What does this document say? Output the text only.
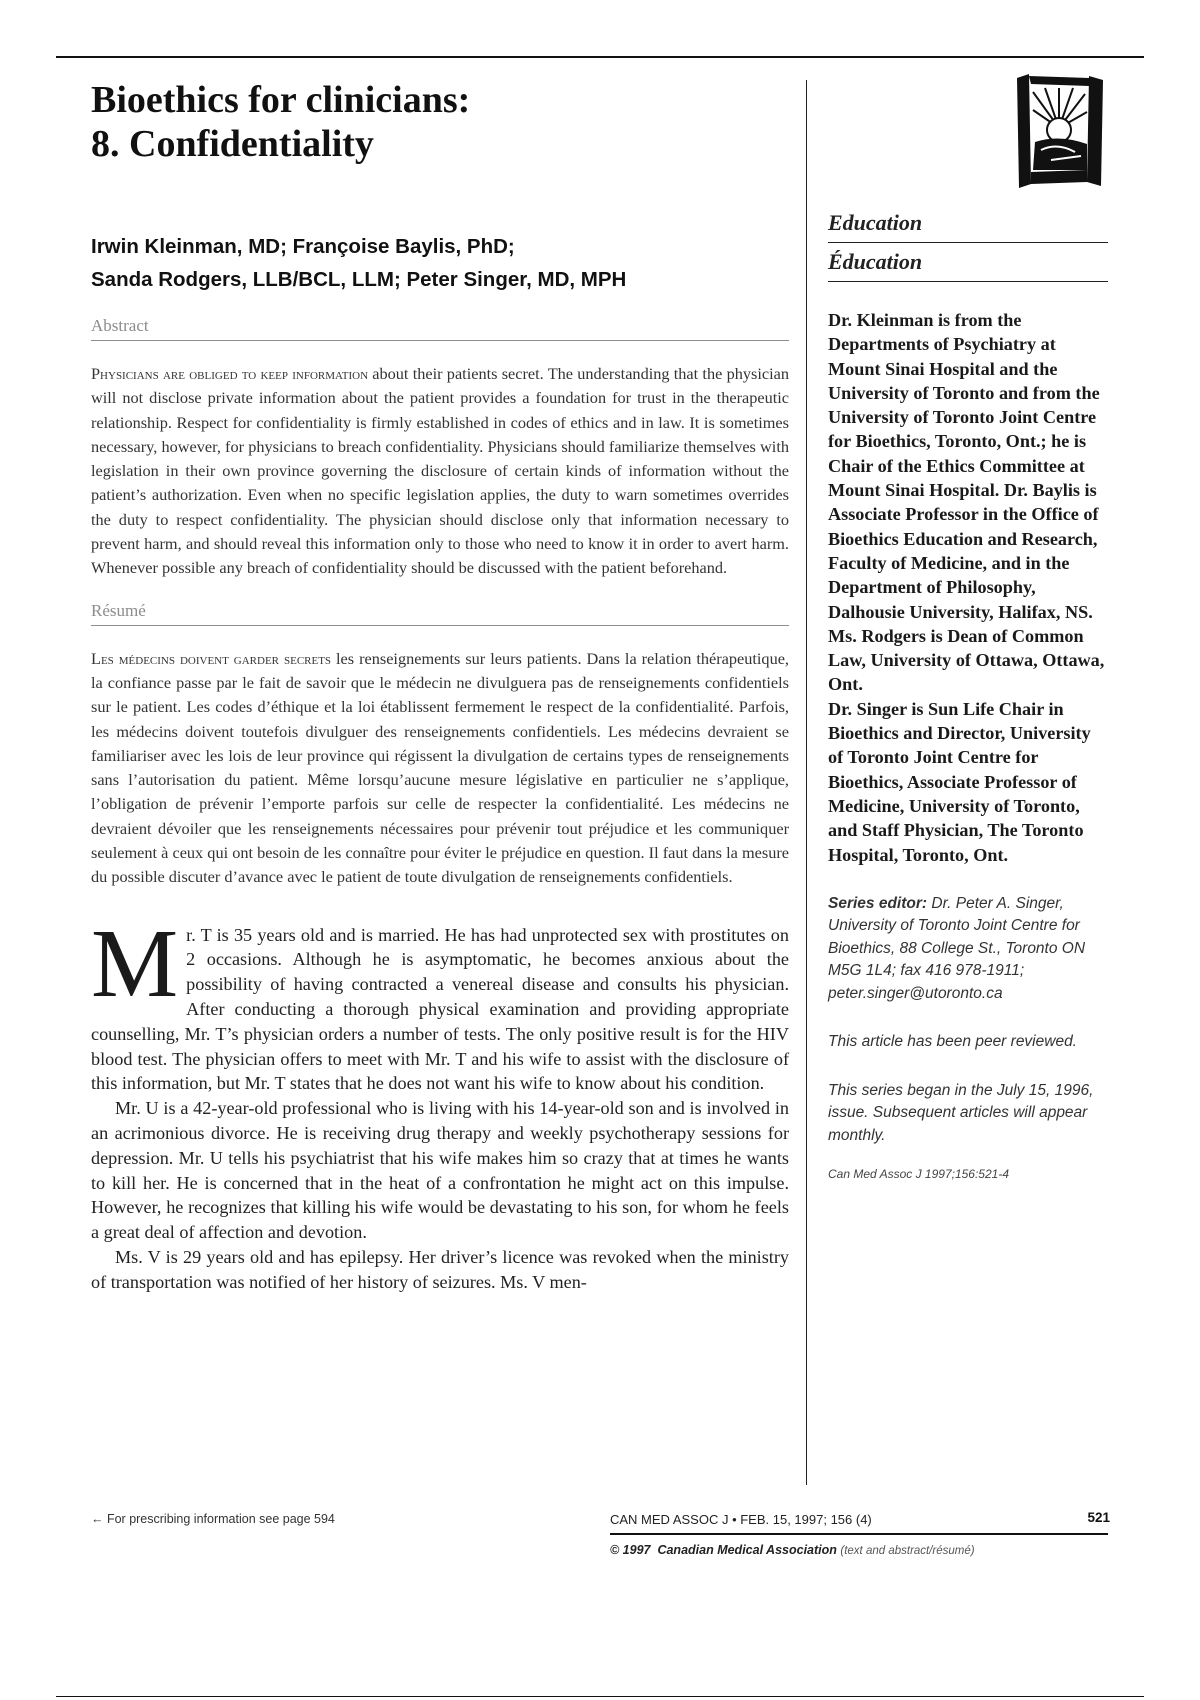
Bioethics for clinicians:
8. Confidentiality
Irwin Kleinman, MD; Françoise Baylis, PhD;
Sanda Rodgers, LLB/BCL, LLM; Peter Singer, MD, MPH
Abstract
Physicians are obliged to keep information about their patients secret. The understanding that the physician will not disclose private information about the patient provides a foundation for trust in the therapeutic relationship. Respect for confidentiality is firmly established in codes of ethics and in law. It is sometimes necessary, however, for physicians to breach confidentiality. Physicians should familiarize themselves with legislation in their own province governing the disclosure of certain kinds of information without the patient’s authorization. Even when no specific legislation applies, the duty to warn sometimes overrides the duty to respect confidentiality. The physician should disclose only that information necessary to prevent harm, and should reveal this information only to those who need to know it in order to avert harm. Whenever possible any breach of confidentiality should be discussed with the patient beforehand.
Résumé
Les médecins doivent garder secrets les renseignements sur leurs patients. Dans la relation thérapeutique, la confiance passe par le fait de savoir que le médecin ne divulguera pas de renseignements confidentiels sur le patient. Les codes d’éthique et la loi établissent fermement le respect de la confidentialité. Parfois, les médecins doivent toutefois divulguer des renseignements confidentiels. Les médecins devraient se familiariser avec les lois de leur province qui régissent la divulgation de certains types de renseignements sans l’autorisation du patient. Même lorsqu’aucune mesure législative en particulier ne s’applique, l’obligation de prévenir l’emporte parfois sur celle de respecter la confidentialité. Les médecins ne devraient dévoiler que les renseignements nécessaires pour prévenir tout préjudice et les communiquer seulement à ceux qui ont besoin de les connaître pour éviter le préjudice en question. Il faut dans la mesure du possible discuter d’avance avec le patient de toute divulgation de renseignements confidentiels.

Mr. T is 35 years old and is married. He has had unprotected sex with prostitutes on 2 occasions. Although he is asymptomatic, he becomes anxious about the possibility of having contracted a venereal disease and consults his physician. After conducting a thorough physical examination and providing appropriate counselling, Mr. T’s physician orders a number of tests. The only positive result is for the HIV blood test. The physician offers to meet with Mr. T and his wife to assist with the disclosure of this information, but Mr. T states that he does not want his wife to know about his condition.

Mr. U is a 42-year-old professional who is living with his 14-year-old son and is involved in an acrimonious divorce. He is receiving drug therapy and weekly psychotherapy sessions for depression. Mr. U tells his psychiatrist that his wife makes him so crazy that at times he wants to kill her. He is concerned that in the heat of a confrontation he might act on this impulse. However, he recognizes that killing his wife would be devastating to his son, for whom he feels a great deal of affection and devotion.

Ms. V is 29 years old and has epilepsy. Her driver’s licence was revoked when the ministry of transportation was notified of her history of seizures. Ms. V men-

Education
Éducation
Dr. Kleinman is from the Departments of Psychiatry at Mount Sinai Hospital and the University of Toronto and from the University of Toronto Joint Centre for Bioethics, Toronto, Ont.; he is Chair of the Ethics Committee at Mount Sinai Hospital. Dr. Baylis is Associate Professor in the Office of Bioethics Education and Research, Faculty of Medicine, and in the Department of Philosophy, Dalhousie University, Halifax, NS. Ms. Rodgers is Dean of Common Law, University of Ottawa, Ottawa, Ont.
Dr. Singer is Sun Life Chair in Bioethics and Director, University of Toronto Joint Centre for Bioethics, Associate Professor of Medicine, University of Toronto, and Staff Physician, The Toronto Hospital, Toronto, Ont.
Series editor: Dr. Peter A. Singer, University of Toronto Joint Centre for Bioethics, 88 College St., Toronto ON M5G 1L4; fax 416 978-1911; peter.singer@utoronto.ca
This article has been peer reviewed.
This series began in the July 15, 1996, issue. Subsequent articles will appear monthly.
Can Med Assoc J 1997;156:521-4
← For prescribing information see page 594	CAN MED ASSOC J • FEB. 15, 1997; 156 (4)	521
© 1997 Canadian Medical Association (text and abstract/résumé)
